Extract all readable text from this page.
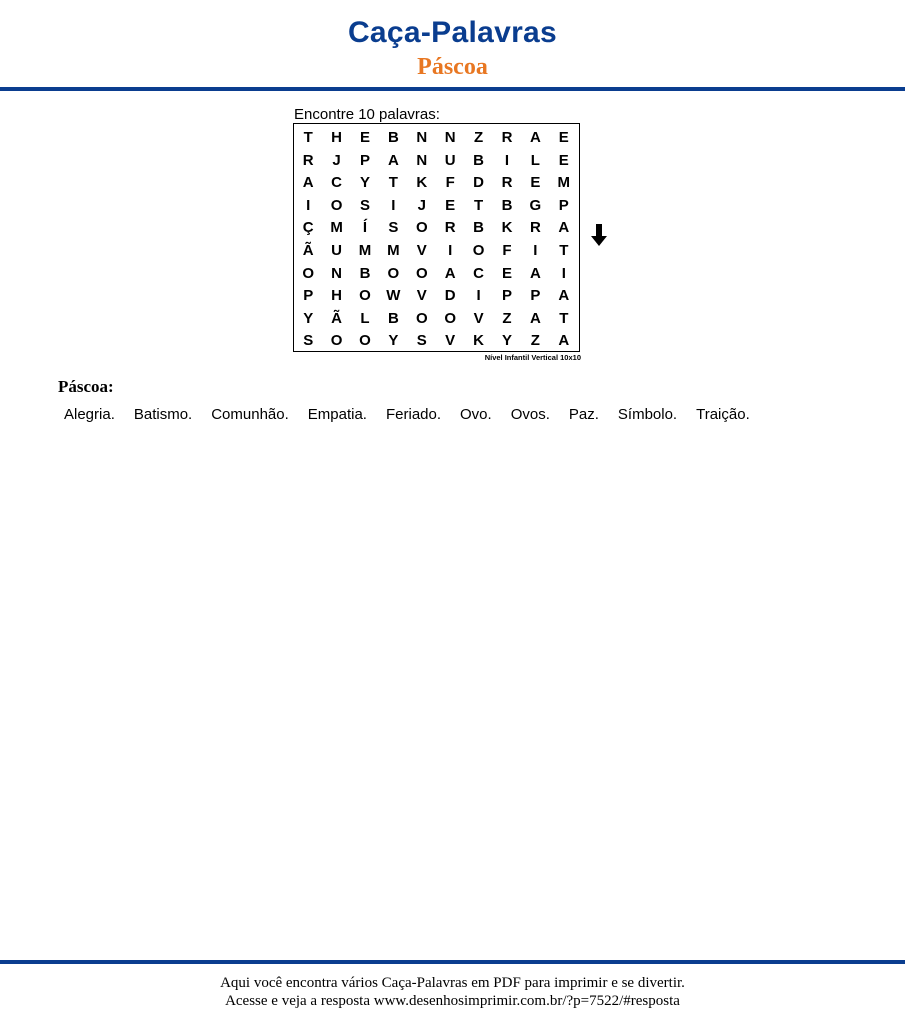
Caça-Palavras
Páscoa
Encontre 10 palavras:
T	H	E	B	N	N	Z	R	A	E
R	J	P	A	N	U	B	I	L	E
A	C	Y	T	K	F	D	R	E	M
I	O	S	I	J	E	T	B	G	P
Ç	M	Í	S	O	R	B	K	R	A
Ã	U	M	M	V	I	O	F	I	T
O	N	B	O	O	A	C	E	A	I
P	H	O	W	V	D	I	P	P	A
Y	Ã	L	B	O	O	V	Z	A	T
S	O	O	Y	S	V	K	Y	Z	A
Nível Infantil Vertical 10x10
Páscoa:
Alegria. Batismo. Comunhão. Empatia. Feriado. Ovo. Ovos. Paz. Símbolo. Traição.
Aqui você encontra vários Caça-Palavras em PDF para imprimir e se divertir.
Acesse e veja a resposta www.desenhosimprimir.com.br/?p=7522/#resposta
